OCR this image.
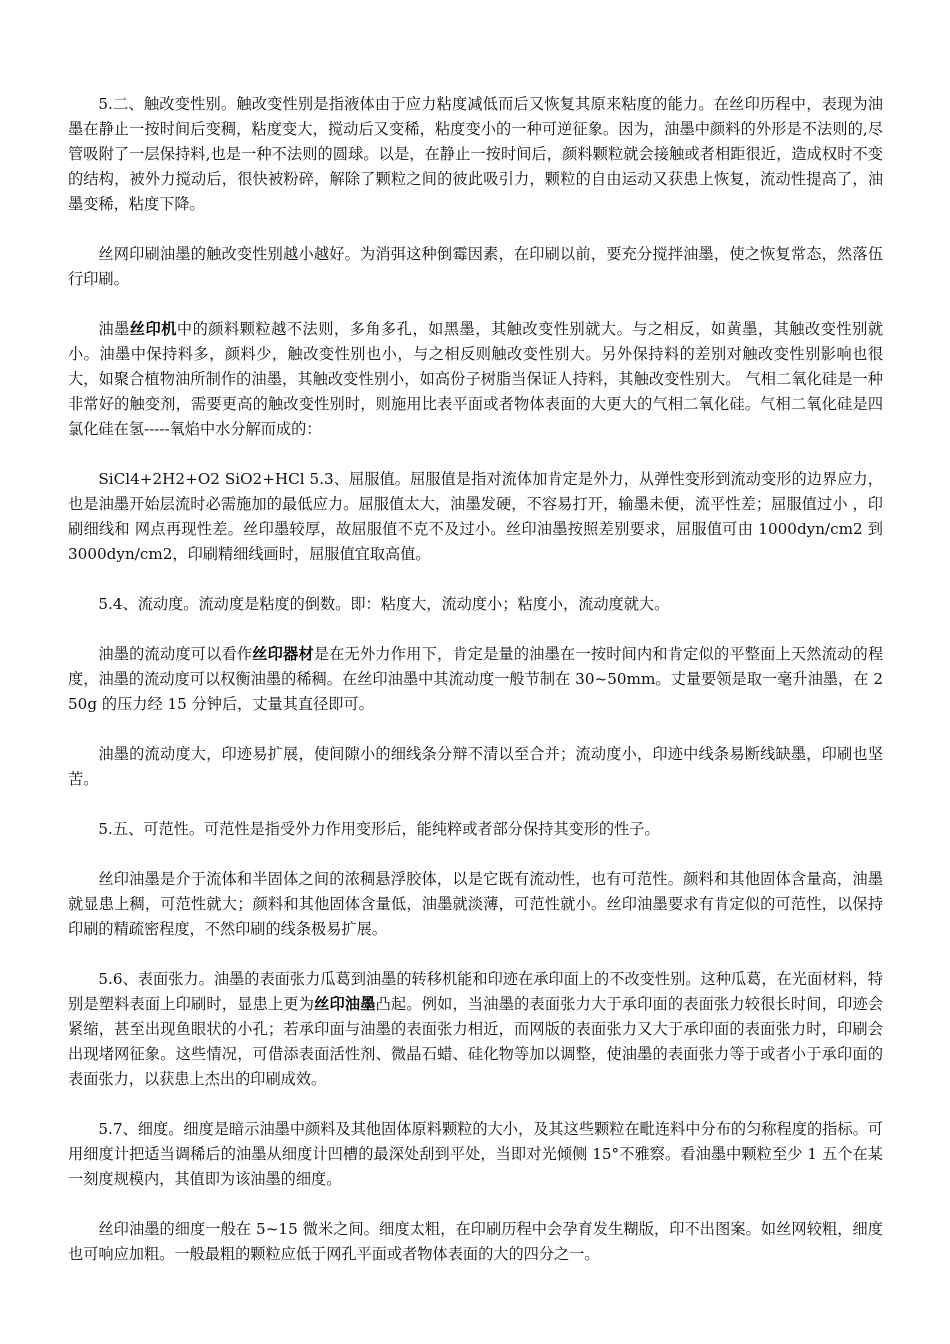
5.二、触改变性别。触改变性别是指液体由于应力粘度减低而后又恢复其原来粘度的能力。在丝印历程中，表现为油墨在静止一按时间后变稠，粘度变大，搅动后又变稀，粘度变小的一种可逆征象。因为，油墨中颜料的外形是不法则的,尽管吸附了一层保持料,也是一种不法则的圆球。以是，在静止一按时间后，颜料颗粒就会接触或者相距很近，造成权时不变的结构，被外力搅动后，很快被粉碎，解除了颗粒之间的彼此吸引力，颗粒的自由运动又获患上恢复，流动性提高了，油墨变稀，粘度下降。

丝网印刷油墨的触改变性别越小越好。为消弭这种倒霉因素，在印刷以前，要充分搅拌油墨，使之恢复常态，然落伍行印刷。

油墨丝印机中的颜料颗粒越不法则，多角多孔，如黑墨，其触改变性别就大。与之相反，如黄墨，其触改变性别就小。油墨中保持料多，颜料少，触改变性别也小，与之相反则触改变性别大。另外保持料的差别对触改变性别影响也很大，如聚合植物油所制作的油墨，其触改变性别小，如高份子树脂当保证人持料，其触改变性别大。 气相二氧化硅是一种非常好的触变剂，需要更高的触改变性别时，则施用比表平面或者物体表面的大更大的气相二氧化硅。气相二氧化硅是四氯化硅在氢-----氧焰中水分解而成的：

SiCl4+2H2+O2 SiO2+HCl 5.3、屈服值。屈服值是指对流体加肯定是外力，从弹性变形到流动变形的边界应力，也是油墨开始层流时必需施加的最低应力。屈服值太大，油墨发硬，不容易打开，输墨未便，流平性差；屈服值过小 ，印刷细线和 网点再现性差。丝印墨较厚，故屈服值不克不及过小。丝印油墨按照差别要求，屈服值可由 1000dyn/cm2 到 3000dyn/cm2，印刷精细线画时，屈服值宜取高值。

5.4、流动度。流动度是粘度的倒数。即：粘度大，流动度小；粘度小，流动度就大。

油墨的流动度可以看作丝印器材是在无外力作用下，肯定是量的油墨在一按时间内和肯定似的平整面上天然流动的程度，油墨的流动度可以权衡油墨的稀稠。在丝印油墨中其流动度一般节制在 30~50mm。丈量要领是取一毫升油墨，在 250g 的压力经 15 分钟后，丈量其直径即可。

油墨的流动度大，印迹易扩展，使间隙小的细线条分辩不清以至合并；流动度小，印迹中线条易断线缺墨，印刷也坚苦。

5.五、可范性。可范性是指受外力作用变形后，能纯粹或者部分保持其变形的性子。

丝印油墨是介于流体和半固体之间的浓稠悬浮胶体，以是它既有流动性，也有可范性。颜料和其他固体含量高，油墨就显患上稠，可范性就大；颜料和其他固体含量低，油墨就淡薄，可范性就小。丝印油墨要求有肯定似的可范性，以保持印刷的精疏密程度，不然印刷的线条极易扩展。

5.6、表面张力。油墨的表面张力瓜葛到油墨的转移机能和印迹在承印面上的不改变性别。这种瓜葛，在光面材料，特别是塑料表面上印刷时，显患上更为丝印油墨凸起。例如，当油墨的表面张力大于承印面的表面张力较很长时间，印迹会紧缩，甚至出现鱼眼状的小孔；若承印面与油墨的表面张力相近，而网版的表面张力又大于承印面的表面张力时，印刷会出现堵网征象。这些情况，可借添表面活性剂、微晶石蜡、硅化物等加以调整，使油墨的表面张力等于或者小于承印面的表面张力，以获患上杰出的印刷成效。

5.7、细度。细度是暗示油墨中颜料及其他固体原料颗粒的大小，及其这些颗粒在毗连料中分布的匀称程度的指标。可用细度计把适当调稀后的油墨从细度计凹槽的最深处刮到平处，当即对光倾侧 15°不雅察。看油墨中颗粒至少 1 五个在某一刻度规模内，其值即为该油墨的细度。

丝印油墨的细度一般在 5~15 微米之间。细度太粗，在印刷历程中会孕育发生糊版，印不出图案。如丝网较粗，细度也可响应加粗。一般最粗的颗粒应低于网孔平面或者物体表面的大的四分之一。
